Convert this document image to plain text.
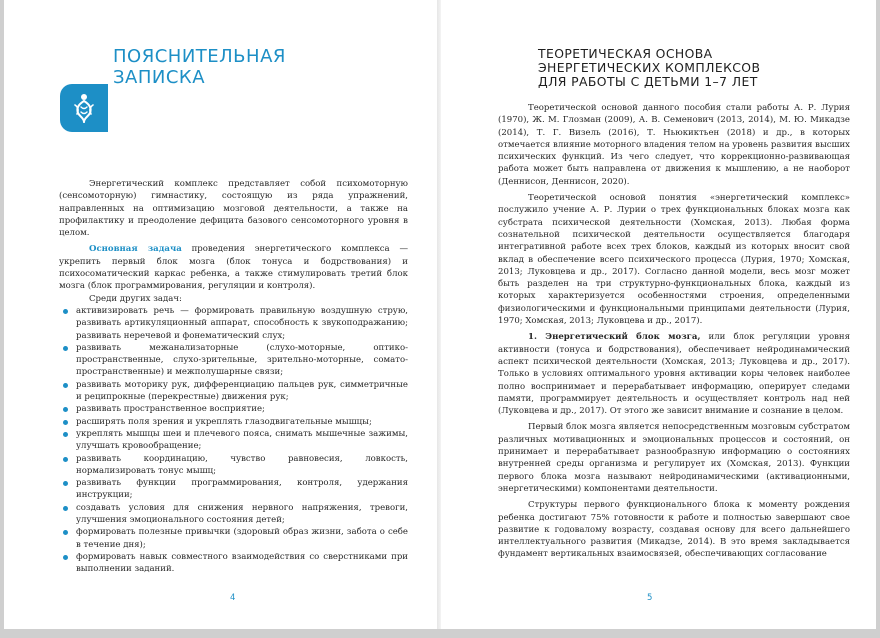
ПОЯСНИТЕЛЬНАЯ
ЗАПИСКА

Энергетический комплекс представляет собой психомоторную (сенсомоторную) гимнастику, состоящую из ряда упражнений, направленных на оптимизацию мозговой деятельности, а также на профилактику и преодоление дефицита базового сенсомоторного уровня в целом.

Основная задача проведения энергетического комплекса — укрепить первый блок мозга (блок тонуса и бодрствования) и психосоматический каркас ребенка, а также стимулировать третий блок мозга (блок программирования, регуляции и контроля).

Среди других задач:

активизировать речь — формировать правильную воздушную струю, развивать артикуляционный аппарат, способность к звукоподражанию; развивать неречевой и фонематический слух;
развивать межанализаторные (слухо-моторные, оптико-пространственные, слухо-зрительные, зрительно-моторные, сомато-пространственные) и межполушарные связи;
развивать моторику рук, дифференциацию пальцев рук, симметричные и реципрокные (перекрестные) движения рук;
развивать пространственное восприятие;
расширять поля зрения и укреплять глазодвигательные мышцы;
укреплять мышцы шеи и плечевого пояса, снимать мышечные зажимы, улучшать кровообращение;
развивать координацию, чувство равновесия, ловкость, нормализировать тонус мышц;
развивать функции программирования, контроля, удержания инструкции;
создавать условия для снижения нервного напряжения, тревоги, улучшения эмоционального состояния детей;
формировать полезные привычки (здоровый образ жизни, забота о себе в течение дня);
формировать навык совместного взаимодействия со сверстниками при выполнении заданий.
4
ТЕОРЕТИЧЕСКАЯ ОСНОВА
ЭНЕРГЕТИЧЕСКИХ КОМПЛЕКСОВ
ДЛЯ РАБОТЫ С ДЕТЬМИ 1–7 ЛЕТ

Теоретической основой данного пособия стали работы А. Р. Лурия (1970), Ж. М. Глозман (2009), А. В. Семенович (2013, 2014), М. Ю. Микадзе (2014), Т. Г. Визель (2016), Т. Ньюкиктьен (2018) и др., в которых отмечается влияние моторного владения телом на уровень развития высших психических функций. Из чего следует, что коррекционно-развивающая работа может быть направлена от движения к мышлению, а не наоборот (Деннисон, Деннисон, 2020).

Теоретической основой понятия «энергетический комплекс» послужило учение А. Р. Лурии о трех функциональных блоках мозга как субстрата психической деятельности (Хомская, 2013). Любая форма сознательной психической деятельности осуществляется благодаря интегративной работе всех трех блоков, каждый из которых вносит свой вклад в обеспечение всего психического процесса (Лурия, 1970; Хомская, 2013; Луковцева и др., 2017). Согласно данной модели, весь мозг может быть разделен на три структурно-функциональных блока, каждый из которых характеризуется особенностями строения, определенными физиологическими и функциональными принципами деятельности (Лурия, 1970; Хомская, 2013; Луковцева и др., 2017).

1. Энергетический блок мозга, или блок регуляции уровня активности (тонуса и бодрствования), обеспечивает нейродинамический аспект психической деятельности (Хомская, 2013; Луковцева и др., 2017). Только в условиях оптимального уровня активации коры человек наиболее полно воспринимает и перерабатывает информацию, оперирует следами памяти, программирует деятельность и осуществляет контроль над ней (Луковцева и др., 2017). От этого же зависит внимание и сознание в целом.

Первый блок мозга является непосредственным мозговым субстратом различных мотивационных и эмоциональных процессов и состояний, он принимает и перерабатывает разнообразную информацию о состояниях внутренней среды организма и регулирует их (Хомская, 2013). Функции первого блока мозга называют нейродинамическими (активационными, энергетическими) компонентами деятельности.

Структуры первого функционального блока к моменту рождения ребенка достигают 75% готовности к работе и полностью завершают свое развитие к годовалому возрасту, создавая основу для всего дальнейшего интеллектуального развития (Микадзе, 2014). В это время закладывается фундамент вертикальных взаимосвязей, обеспечивающих согласование

5
